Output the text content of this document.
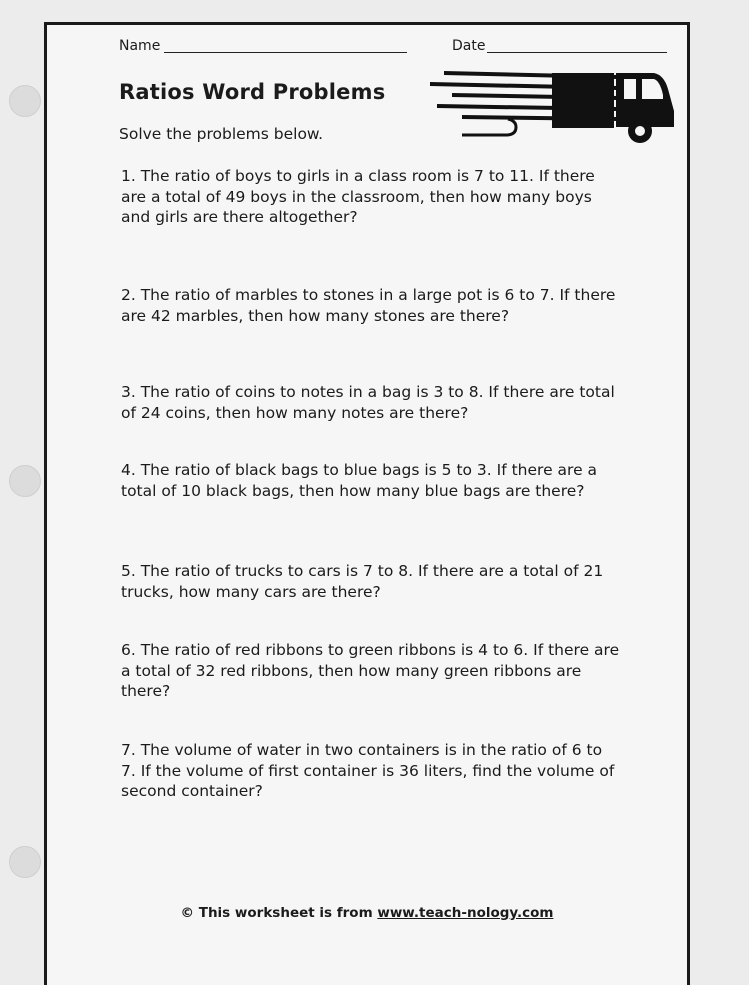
Name	Date
Ratios Word Problems
Solve the problems below.

1. The ratio of boys to girls in a class room is 7 to 11. If there are a total of 49 boys in the classroom, then how many boys and girls are there altogether?

2. The ratio of marbles to stones in a large pot is 6 to 7. If there are 42 marbles, then how many stones are there?

3. The ratio of coins to notes in a bag is 3 to 8. If there are total of 24 coins, then how many notes are there?

4. The ratio of black bags to blue bags is 5 to 3. If there are a total of 10 black bags, then how many blue bags are there?

5. The ratio of trucks to cars is 7 to 8. If there are a total of 21 trucks, how many cars are there?

6. The ratio of red ribbons to green ribbons is 4 to 6. If there are a total of 32 red ribbons, then how many green ribbons are there?

7. The volume of water in two containers is in the ratio of 6 to 7. If the volume of first container is 36 liters, find the volume of second container?

© This worksheet is from www.teach-nology.com
